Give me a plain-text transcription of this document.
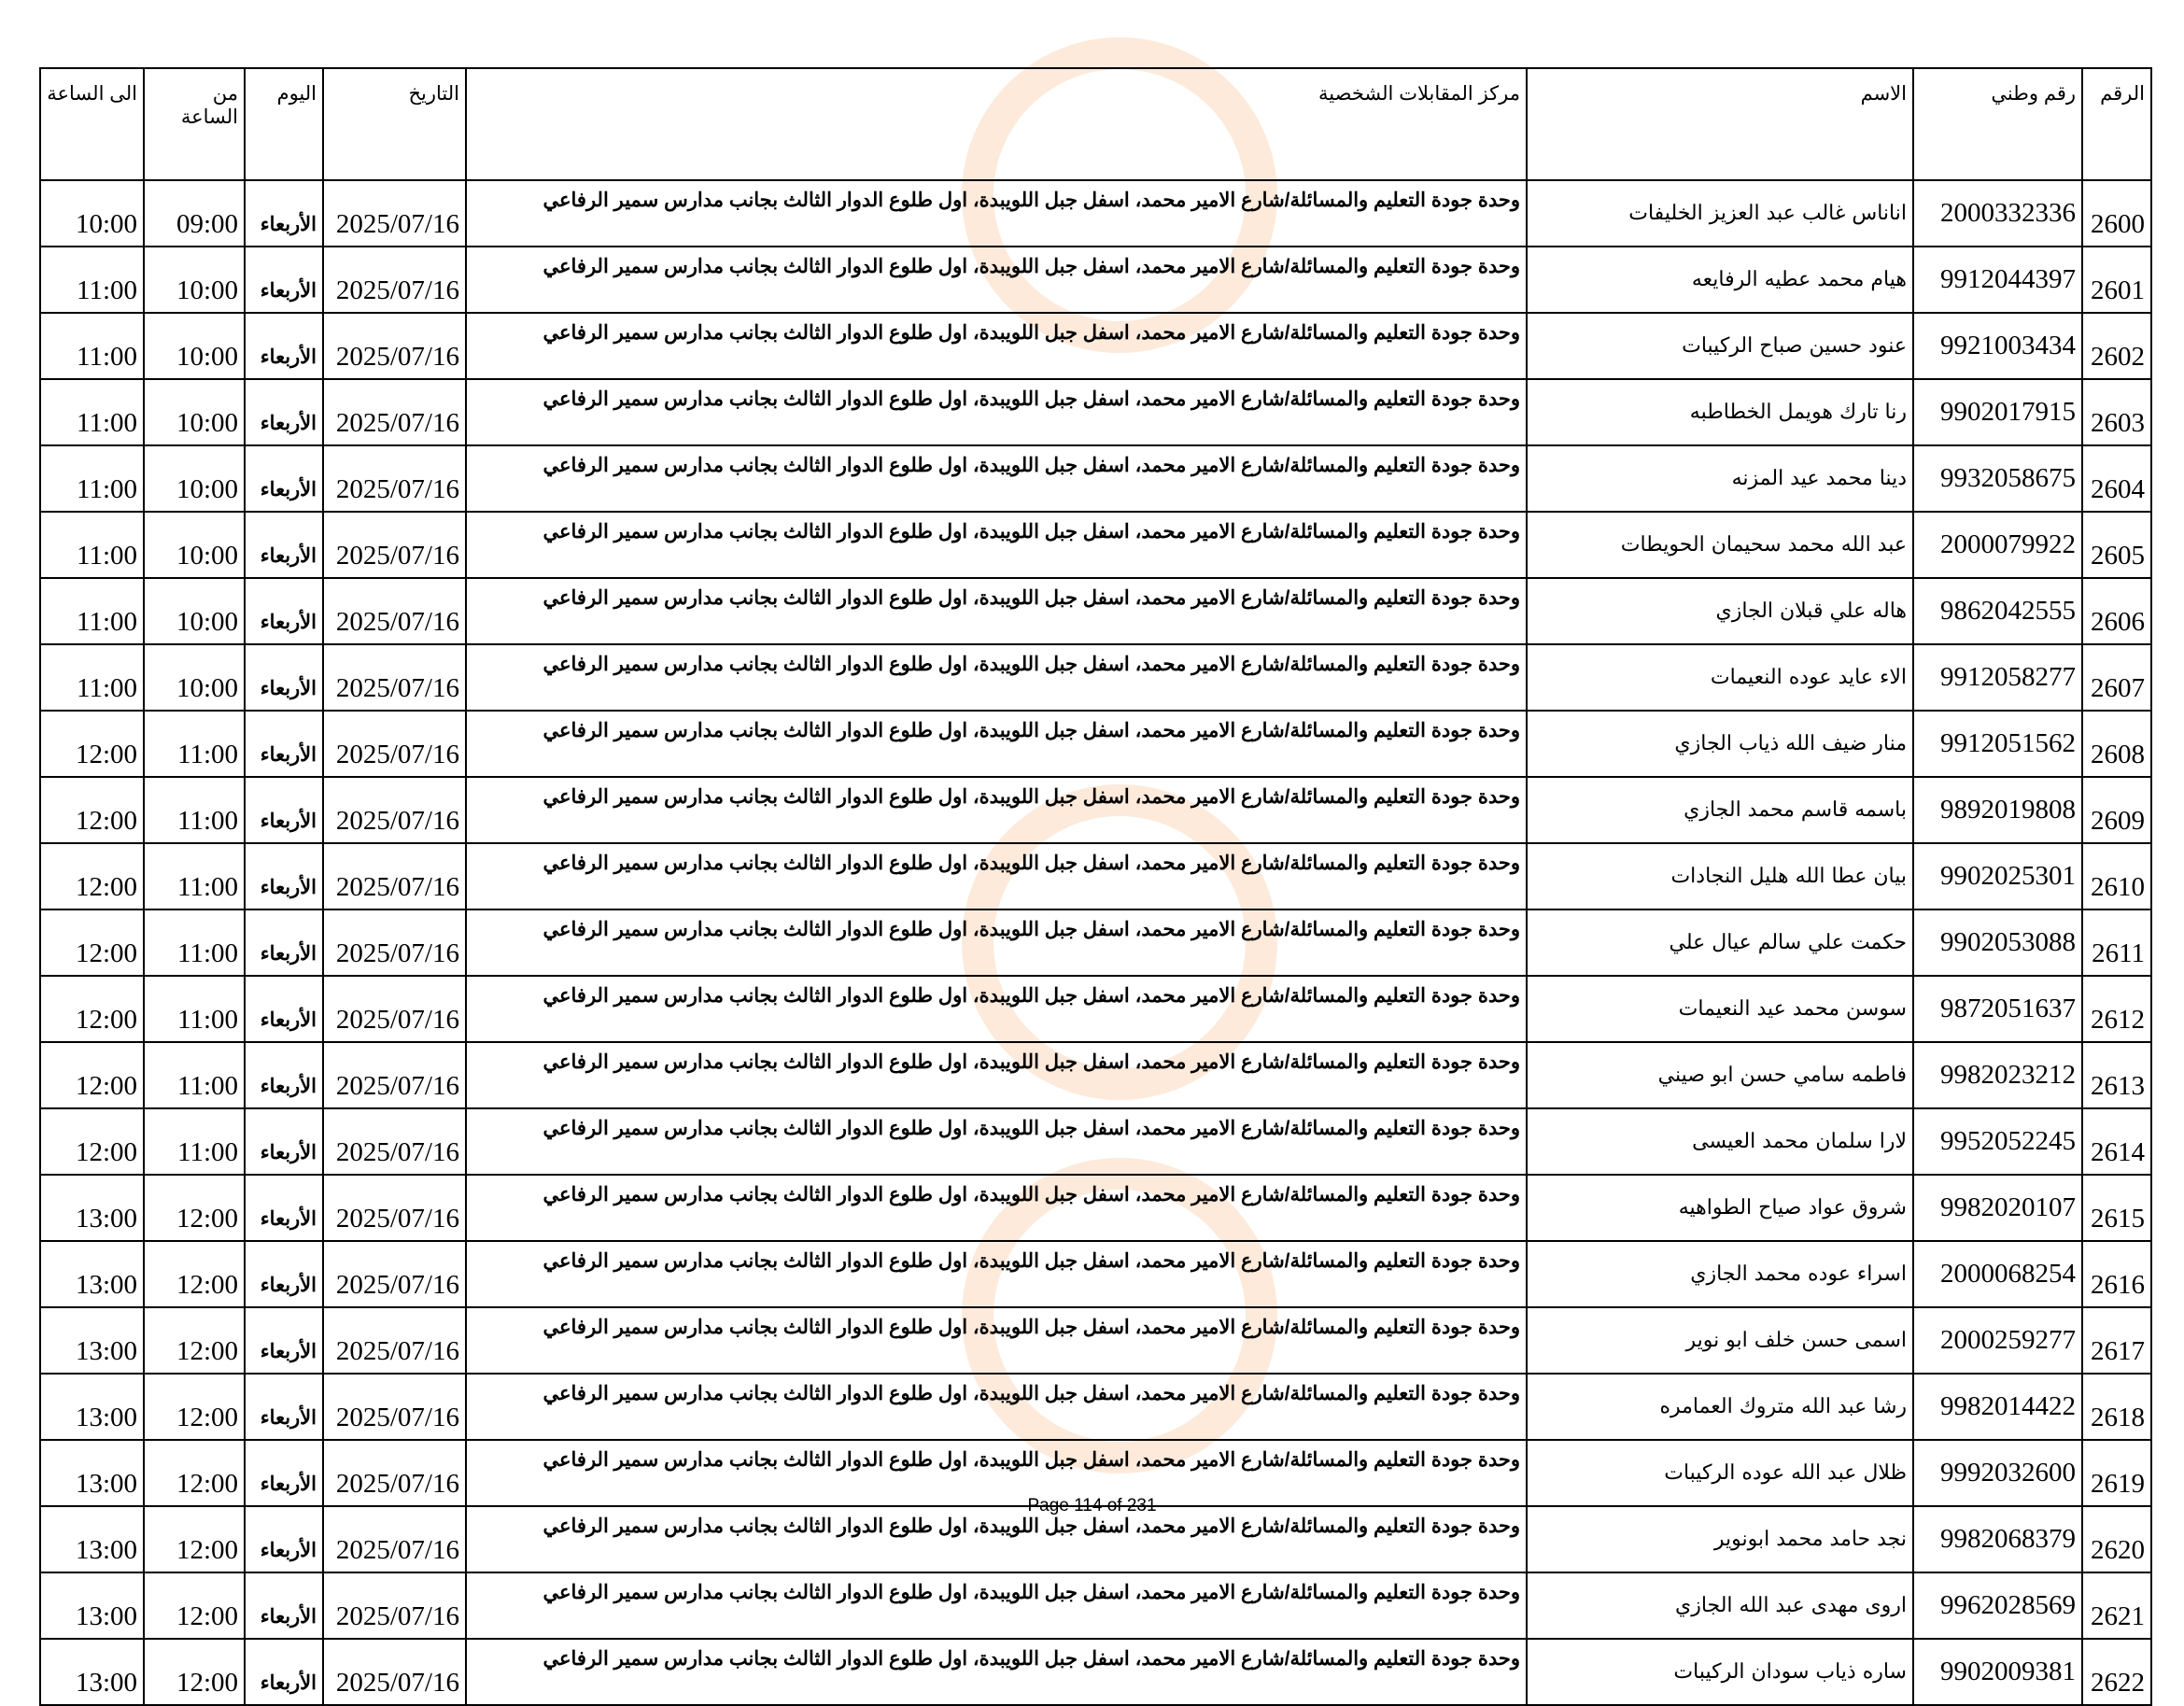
الرقم	رقم وطني	الاسم	مركز المقابلات الشخصية	التاريخ	اليوم	من الساعة	الى الساعة
2600	2000332336	اناناس غالب عبد العزيز الخليفات	وحدة جودة التعليم والمسائلة/شارع الامير محمد، اسفل جبل اللويبدة، اول طلوع الدوار الثالث بجانب مدارس سمير الرفاعي	2025/07/16	الأربعاء	09:00	10:00
2601	9912044397	هيام محمد عطيه الرفايعه	وحدة جودة التعليم والمسائلة/شارع الامير محمد، اسفل جبل اللويبدة، اول طلوع الدوار الثالث بجانب مدارس سمير الرفاعي	2025/07/16	الأربعاء	10:00	11:00
2602	9921003434	عنود حسين صباح الركيبات	وحدة جودة التعليم والمسائلة/شارع الامير محمد، اسفل جبل اللويبدة، اول طلوع الدوار الثالث بجانب مدارس سمير الرفاعي	2025/07/16	الأربعاء	10:00	11:00
2603	9902017915	رنا تارك هويمل الخطاطبه	وحدة جودة التعليم والمسائلة/شارع الامير محمد، اسفل جبل اللويبدة، اول طلوع الدوار الثالث بجانب مدارس سمير الرفاعي	2025/07/16	الأربعاء	10:00	11:00
2604	9932058675	دينا محمد عيد المزنه	وحدة جودة التعليم والمسائلة/شارع الامير محمد، اسفل جبل اللويبدة، اول طلوع الدوار الثالث بجانب مدارس سمير الرفاعي	2025/07/16	الأربعاء	10:00	11:00
2605	2000079922	عبد الله محمد سحيمان الحويطات	وحدة جودة التعليم والمسائلة/شارع الامير محمد، اسفل جبل اللويبدة، اول طلوع الدوار الثالث بجانب مدارس سمير الرفاعي	2025/07/16	الأربعاء	10:00	11:00
2606	9862042555	هاله علي قبلان الجازي	وحدة جودة التعليم والمسائلة/شارع الامير محمد، اسفل جبل اللويبدة، اول طلوع الدوار الثالث بجانب مدارس سمير الرفاعي	2025/07/16	الأربعاء	10:00	11:00
2607	9912058277	الاء عايد عوده النعيمات	وحدة جودة التعليم والمسائلة/شارع الامير محمد، اسفل جبل اللويبدة، اول طلوع الدوار الثالث بجانب مدارس سمير الرفاعي	2025/07/16	الأربعاء	10:00	11:00
2608	9912051562	منار ضيف الله ذياب الجازي	وحدة جودة التعليم والمسائلة/شارع الامير محمد، اسفل جبل اللويبدة، اول طلوع الدوار الثالث بجانب مدارس سمير الرفاعي	2025/07/16	الأربعاء	11:00	12:00
2609	9892019808	باسمه قاسم محمد الجازي	وحدة جودة التعليم والمسائلة/شارع الامير محمد، اسفل جبل اللويبدة، اول طلوع الدوار الثالث بجانب مدارس سمير الرفاعي	2025/07/16	الأربعاء	11:00	12:00
2610	9902025301	بيان عطا الله هليل النجادات	وحدة جودة التعليم والمسائلة/شارع الامير محمد، اسفل جبل اللويبدة، اول طلوع الدوار الثالث بجانب مدارس سمير الرفاعي	2025/07/16	الأربعاء	11:00	12:00
2611	9902053088	حكمت علي سالم عيال علي	وحدة جودة التعليم والمسائلة/شارع الامير محمد، اسفل جبل اللويبدة، اول طلوع الدوار الثالث بجانب مدارس سمير الرفاعي	2025/07/16	الأربعاء	11:00	12:00
2612	9872051637	سوسن محمد عيد النعيمات	وحدة جودة التعليم والمسائلة/شارع الامير محمد، اسفل جبل اللويبدة، اول طلوع الدوار الثالث بجانب مدارس سمير الرفاعي	2025/07/16	الأربعاء	11:00	12:00
2613	9982023212	فاطمه سامي حسن ابو صيني	وحدة جودة التعليم والمسائلة/شارع الامير محمد، اسفل جبل اللويبدة، اول طلوع الدوار الثالث بجانب مدارس سمير الرفاعي	2025/07/16	الأربعاء	11:00	12:00
2614	9952052245	لارا سلمان محمد العيسى	وحدة جودة التعليم والمسائلة/شارع الامير محمد، اسفل جبل اللويبدة، اول طلوع الدوار الثالث بجانب مدارس سمير الرفاعي	2025/07/16	الأربعاء	11:00	12:00
2615	9982020107	شروق عواد صياح الطواهيه	وحدة جودة التعليم والمسائلة/شارع الامير محمد، اسفل جبل اللويبدة، اول طلوع الدوار الثالث بجانب مدارس سمير الرفاعي	2025/07/16	الأربعاء	12:00	13:00
2616	2000068254	اسراء عوده محمد الجازي	وحدة جودة التعليم والمسائلة/شارع الامير محمد، اسفل جبل اللويبدة، اول طلوع الدوار الثالث بجانب مدارس سمير الرفاعي	2025/07/16	الأربعاء	12:00	13:00
2617	2000259277	اسمى حسن خلف ابو نوير	وحدة جودة التعليم والمسائلة/شارع الامير محمد، اسفل جبل اللويبدة، اول طلوع الدوار الثالث بجانب مدارس سمير الرفاعي	2025/07/16	الأربعاء	12:00	13:00
2618	9982014422	رشا عبد الله متروك العمامره	وحدة جودة التعليم والمسائلة/شارع الامير محمد، اسفل جبل اللويبدة، اول طلوع الدوار الثالث بجانب مدارس سمير الرفاعي	2025/07/16	الأربعاء	12:00	13:00
2619	9992032600	ظلال عبد الله عوده الركيبات	وحدة جودة التعليم والمسائلة/شارع الامير محمد، اسفل جبل اللويبدة، اول طلوع الدوار الثالث بجانب مدارس سمير الرفاعي	2025/07/16	الأربعاء	12:00	13:00
2620	9982068379	نجد حامد محمد ابونوير	وحدة جودة التعليم والمسائلة/شارع الامير محمد، اسفل جبل اللويبدة، اول طلوع الدوار الثالث بجانب مدارس سمير الرفاعي	2025/07/16	الأربعاء	12:00	13:00
2621	9962028569	اروى مهدى عبد الله الجازي	وحدة جودة التعليم والمسائلة/شارع الامير محمد، اسفل جبل اللويبدة، اول طلوع الدوار الثالث بجانب مدارس سمير الرفاعي	2025/07/16	الأربعاء	12:00	13:00
2622	9902009381	ساره ذياب سودان الركيبات	وحدة جودة التعليم والمسائلة/شارع الامير محمد، اسفل جبل اللويبدة، اول طلوع الدوار الثالث بجانب مدارس سمير الرفاعي	2025/07/16	الأربعاء	12:00	13:00
Page 114 of 231
